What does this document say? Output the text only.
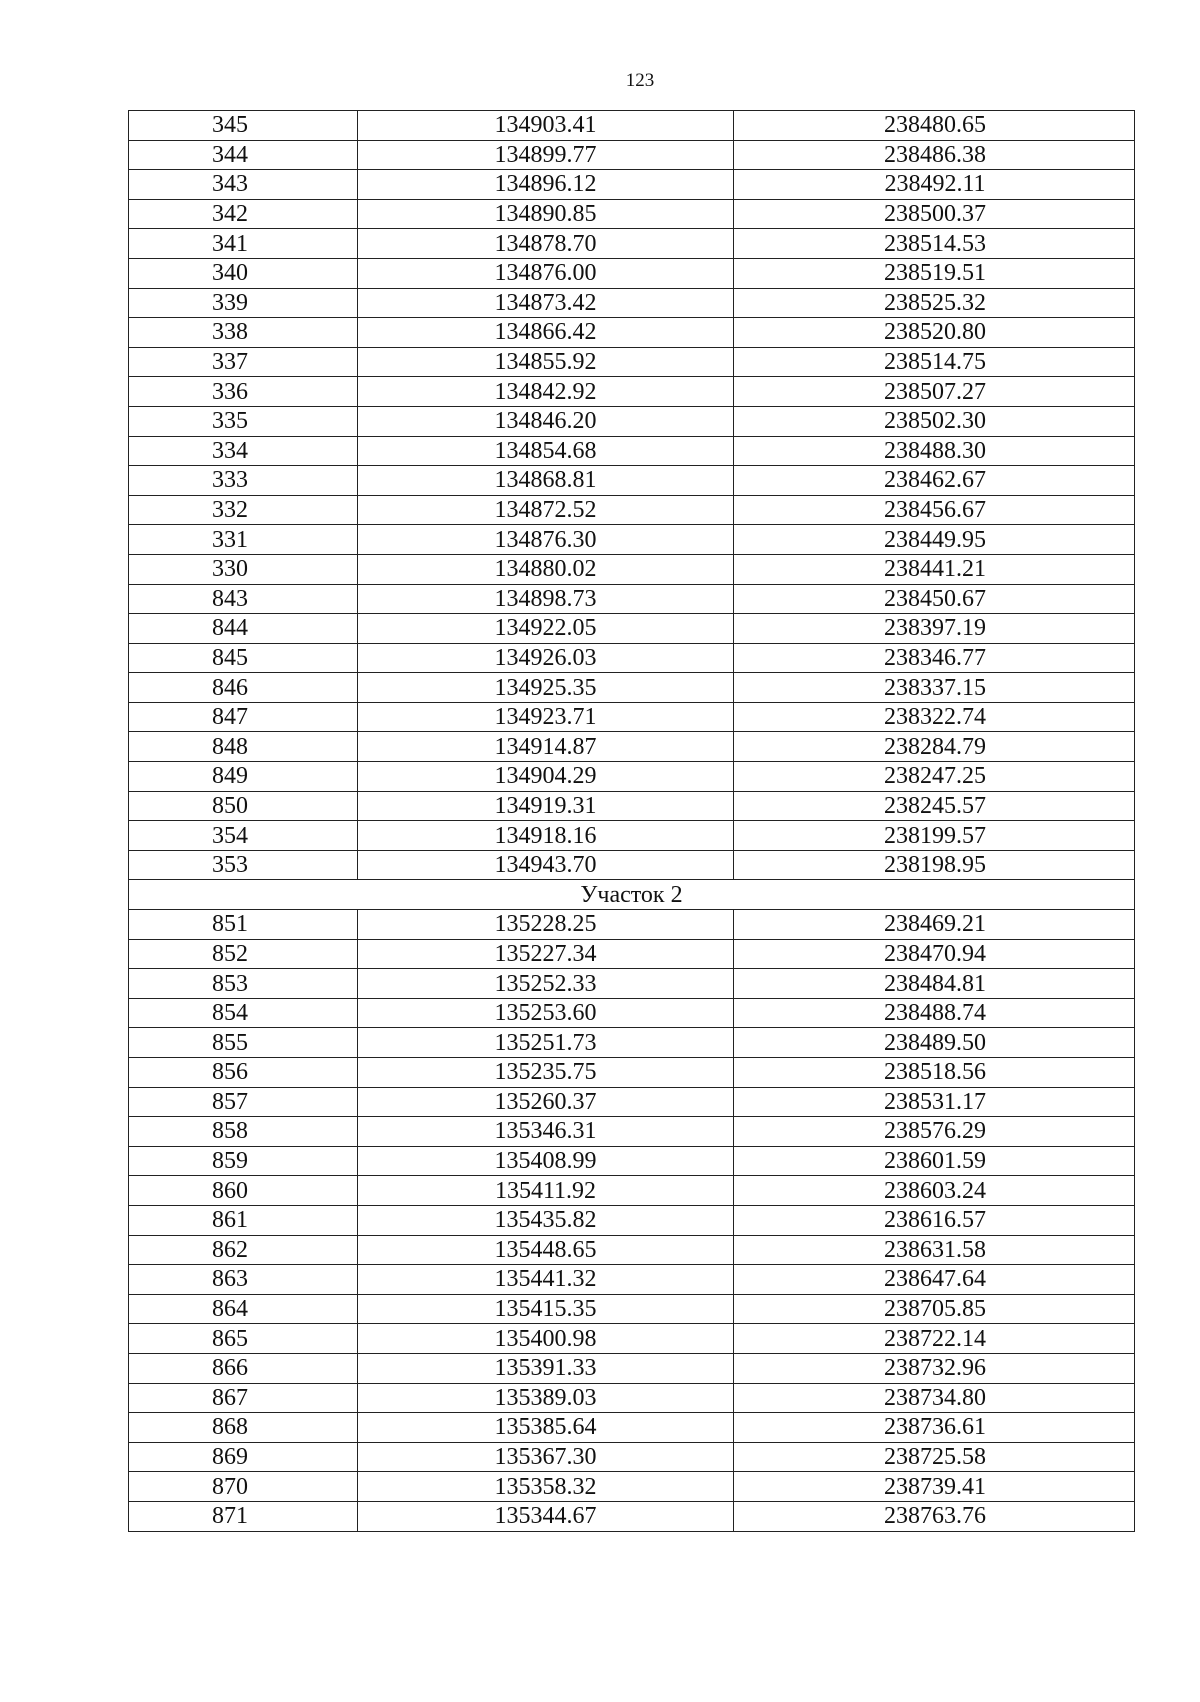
123
345	134903.41	238480.65
344	134899.77	238486.38
343	134896.12	238492.11
342	134890.85	238500.37
341	134878.70	238514.53
340	134876.00	238519.51
339	134873.42	238525.32
338	134866.42	238520.80
337	134855.92	238514.75
336	134842.92	238507.27
335	134846.20	238502.30
334	134854.68	238488.30
333	134868.81	238462.67
332	134872.52	238456.67
331	134876.30	238449.95
330	134880.02	238441.21
843	134898.73	238450.67
844	134922.05	238397.19
845	134926.03	238346.77
846	134925.35	238337.15
847	134923.71	238322.74
848	134914.87	238284.79
849	134904.29	238247.25
850	134919.31	238245.57
354	134918.16	238199.57
353	134943.70	238198.95
Участок 2		
851	135228.25	238469.21
852	135227.34	238470.94
853	135252.33	238484.81
854	135253.60	238488.74
855	135251.73	238489.50
856	135235.75	238518.56
857	135260.37	238531.17
858	135346.31	238576.29
859	135408.99	238601.59
860	135411.92	238603.24
861	135435.82	238616.57
862	135448.65	238631.58
863	135441.32	238647.64
864	135415.35	238705.85
865	135400.98	238722.14
866	135391.33	238732.96
867	135389.03	238734.80
868	135385.64	238736.61
869	135367.30	238725.58
870	135358.32	238739.41
871	135344.67	238763.76
